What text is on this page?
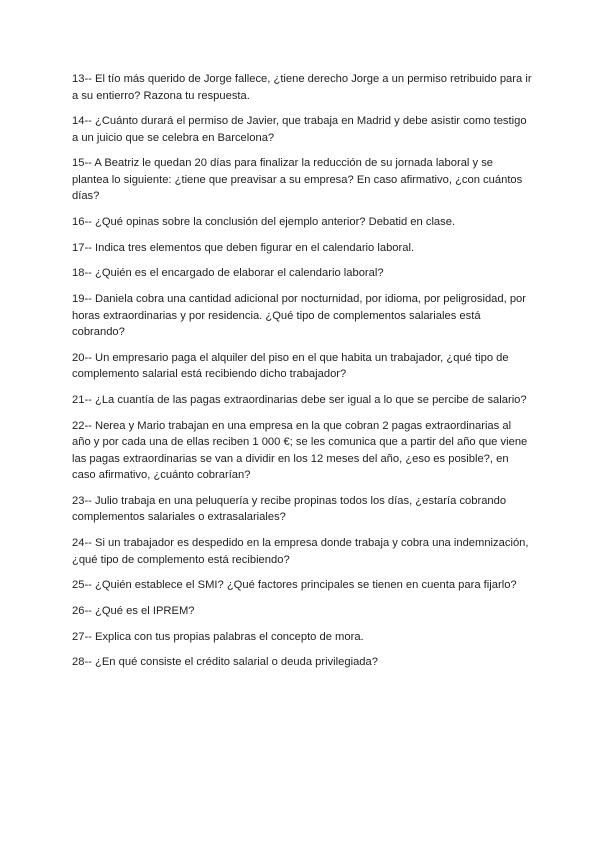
13-- El tío más querido de Jorge fallece, ¿tiene derecho Jorge a un permiso retribuido para ir a su entierro? Razona tu respuesta.
14-- ¿Cuánto durará el permiso de Javier, que trabaja en Madrid y debe asistir como testigo a un juicio que se celebra en Barcelona?
15-- A Beatriz le quedan 20 días para finalizar la reducción de su jornada laboral y se plantea lo siguiente: ¿tiene que preavisar a su empresa? En caso afirmativo, ¿con cuántos días?
16-- ¿Qué opinas sobre la conclusión del ejemplo anterior? Debatid en clase.
17-- Indica tres elementos que deben figurar en el calendario laboral.
18-- ¿Quién es el encargado de elaborar el calendario laboral?
19-- Daniela cobra una cantidad adicional por nocturnidad, por idioma, por peligrosidad, por horas extraordinarias y por residencia. ¿Qué tipo de complementos salariales está cobrando?
20-- Un empresario paga el alquiler del piso en el que habita un trabajador, ¿qué tipo de complemento salarial está recibiendo dicho trabajador?
21-- ¿La cuantía de las pagas extraordinarias debe ser igual a lo que se percibe de salario?
22-- Nerea y Mario trabajan en una empresa en la que cobran 2 pagas extraordinarias al año y por cada una de ellas reciben 1 000 €; se les comunica que a partir del año que viene las pagas extraordinarias se van a dividir en los 12 meses del año, ¿eso es posible?, en caso afirmativo, ¿cuánto cobrarían?
23-- Julio trabaja en una peluquería y recibe propinas todos los días, ¿estaría cobrando complementos salariales o extrasalariales?
24-- Si un trabajador es despedido en la empresa donde trabaja y cobra una indemnización, ¿qué tipo de complemento está recibiendo?
25-- ¿Quién establece el SMI? ¿Qué factores principales se tienen en cuenta para fijarlo?
26-- ¿Qué es el IPREM?
27-- Explica con tus propias palabras el concepto de mora.
28-- ¿En qué consiste el crédito salarial o deuda privilegiada?
